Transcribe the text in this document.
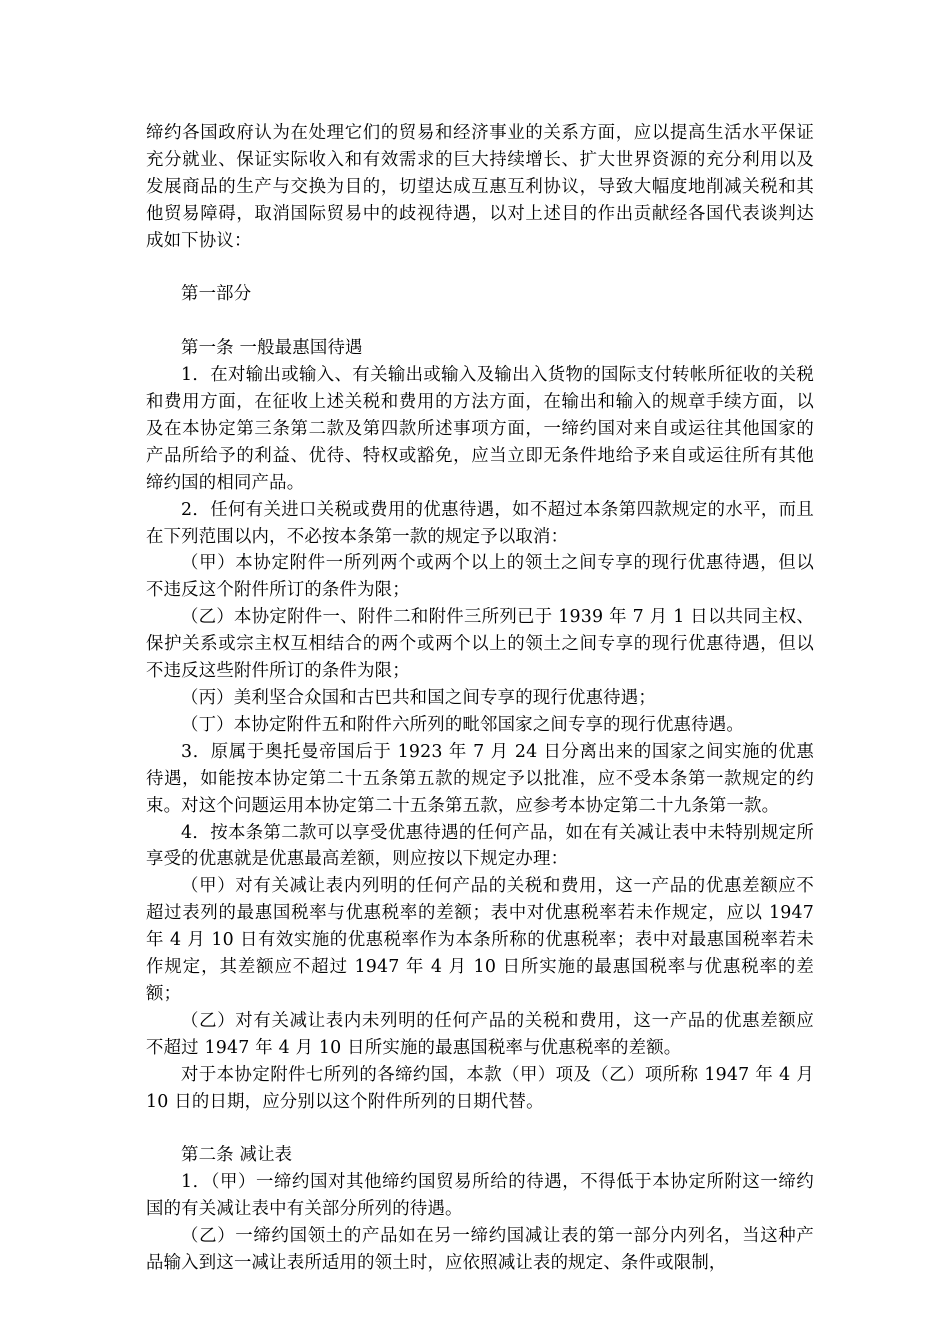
缔约各国政府认为在处理它们的贸易和经济事业的关系方面，应以提高生活水平保证充分就业、保证实际收入和有效需求的巨大持续增长、扩大世界资源的充分利用以及发展商品的生产与交换为目的，切望达成互惠互利协议，导致大幅度地削减关税和其他贸易障碍，取消国际贸易中的歧视待遇，以对上述目的作出贡献经各国代表谈判达成如下协议：

第一部分

第一条 一般最惠国待遇

1．在对输出或输入、有关输出或输入及输出入货物的国际支付转帐所征收的关税和费用方面，在征收上述关税和费用的方法方面，在输出和输入的规章手续方面，以及在本协定第三条第二款及第四款所述事项方面，一缔约国对来自或运往其他国家的产品所给予的利益、优待、特权或豁免，应当立即无条件地给予来自或运往所有其他缔约国的相同产品。

2．任何有关进口关税或费用的优惠待遇，如不超过本条第四款规定的水平，而且在下列范围以内，不必按本条第一款的规定予以取消：

（甲）本协定附件一所列两个或两个以上的领土之间专享的现行优惠待遇，但以不违反这个附件所订的条件为限；

（乙）本协定附件一、附件二和附件三所列已于 1939 年 7 月 1 日以共同主权、保护关系或宗主权互相结合的两个或两个以上的领土之间专享的现行优惠待遇，但以不违反这些附件所订的条件为限；

（丙）美利坚合众国和古巴共和国之间专享的现行优惠待遇；

（丁）本协定附件五和附件六所列的毗邻国家之间专享的现行优惠待遇。

3．原属于奥托曼帝国后于 1923 年 7 月 24 日分离出来的国家之间实施的优惠待遇，如能按本协定第二十五条第五款的规定予以批准，应不受本条第一款规定的约束。对这个问题运用本协定第二十五条第五款，应参考本协定第二十九条第一款。

4．按本条第二款可以享受优惠待遇的任何产品，如在有关减让表中未特别规定所享受的优惠就是优惠最高差额，则应按以下规定办理：

（甲）对有关减让表内列明的任何产品的关税和费用，这一产品的优惠差额应不超过表列的最惠国税率与优惠税率的差额；表中对优惠税率若未作规定，应以 1947 年 4 月 10 日有效实施的优惠税率作为本条所称的优惠税率；表中对最惠国税率若未作规定，其差额应不超过 1947 年 4 月 10 日所实施的最惠国税率与优惠税率的差额；

（乙）对有关减让表内未列明的任何产品的关税和费用，这一产品的优惠差额应不超过 1947 年 4 月 10 日所实施的最惠国税率与优惠税率的差额。

对于本协定附件七所列的各缔约国，本款（甲）项及（乙）项所称 1947 年 4 月 10 日的日期，应分别以这个附件所列的日期代替。

第二条 减让表

1．（甲）一缔约国对其他缔约国贸易所给的待遇，不得低于本协定所附这一缔约国的有关减让表中有关部分所列的待遇。

（乙）一缔约国领土的产品如在另一缔约国减让表的第一部分内列名，当这种产品输入到这一减让表所适用的领土时，应依照减让表的规定、条件或限制，
